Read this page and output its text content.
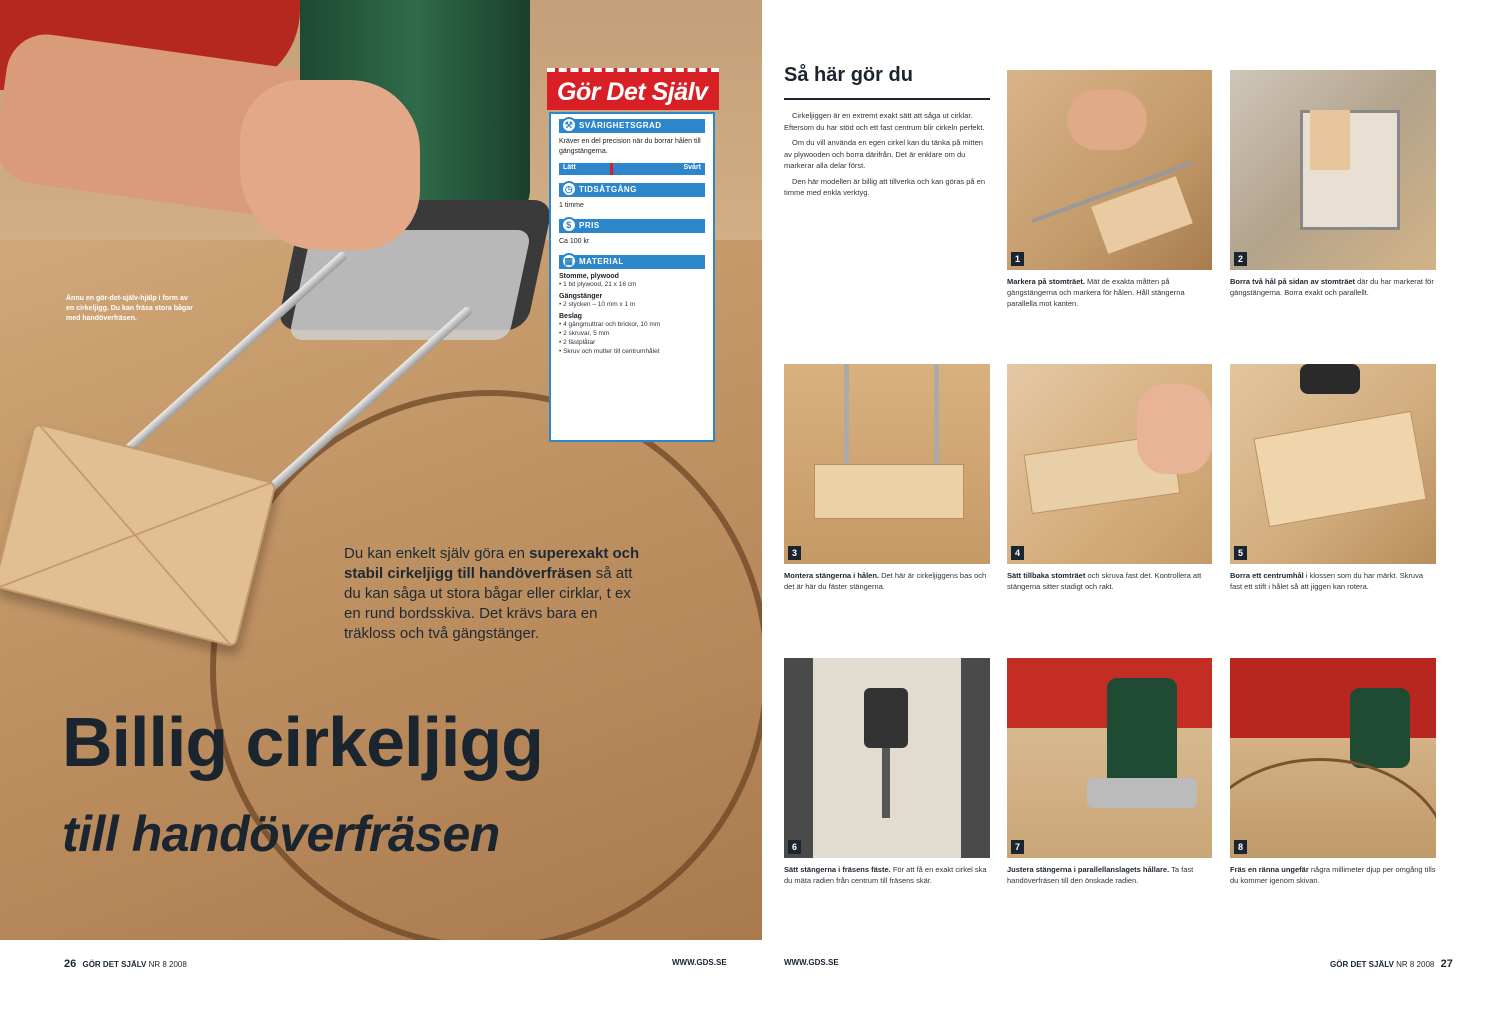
Ännu en gör-det-själv-hjälp i form av en cirkeljigg. Du kan fräsa stora bågar med handöverfräsen.
Du kan enkelt själv göra en superexakt och stabil cirkeljigg till handöverfräsen så att du kan såga ut stora bågar eller cirklar, t ex en rund bordsskiva. Det krävs bara en träkloss och två gängstänger.
Billig cirkeljigg
till handöverfräsen
Gör Det Själv
⚒ SVÅRIGHETSGRAD
Kräver en del precision när du borrar hålen till gängstängerna.
Lätt	Svårt
◷ TIDSÅTGÅNG
1 timme
$ PRIS
Ca 100 kr
▦ MATERIAL
Stomme, plywood
• 1 bit plywood, 21 x 16 cm
Gängstänger
• 2 stycken – 10 mm x 1 m
Beslag
• 4 gängmuttrar och brickor, 10 mm
• 2 skruvar, 5 mm
• 2 fästplåtar
• Skruv och mutter till centrumhålet
Så här gör du

Cirkeljiggen är en extremt exakt sätt att såga ut cirklar. Eftersom du har stöd och ett fast centrum blir cirkeln perfekt.

Om du vill använda en egen cirkel kan du tänka på mitten av plywooden och borra därifrån. Det är enklare om du markerar alla delar först.

Den här modellen är billig att tillverka och kan göras på en timme med enkla verktyg.

1
Markera på stomträet. Mät de exakta måtten på gängstängerna och markera för hålen. Håll stängerna parallella mot kanten.
2
Borra två hål på sidan av stomträet där du har markerat för gängstängerna. Borra exakt och parallellt.
3
Montera stängerna i hålen. Det här är cirkeljiggens bas och det är här du fäster stängerna.
4
Sätt tillbaka stomträet och skruva fast det. Kontrollera att stängerna sitter stadigt och rakt.
5
Borra ett centrumhål i klossen som du har märkt. Skruva fast ett stift i hålet så att jiggen kan rotera.
6
Sätt stängerna i fräsens fäste. För att få en exakt cirkel ska du mäta radien från centrum till fräsens skär.
7
Justera stängerna i parallellanslagets hållare. Ta fast handöverfräsen till den önskade radien.
8
Fräs en ränna ungefär några millimeter djup per omgång tills du kommer igenom skivan.
26 GÖR DET SJÄLV NR 8 2008	WWW.GDS.SE	WWW.GDS.SE	GÖR DET SJÄLV NR 8 2008 27
